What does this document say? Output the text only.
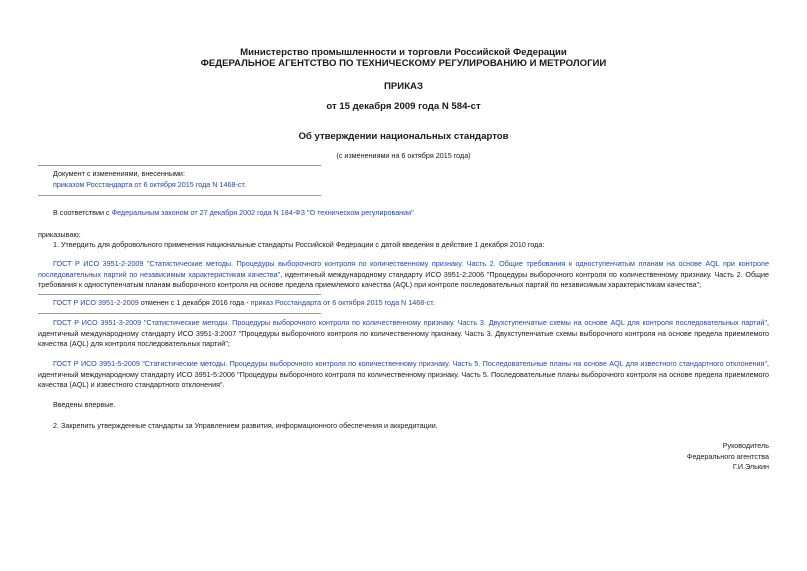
Министерство промышленности и торговли Российской Федерации
ФЕДЕРАЛЬНОЕ АГЕНТСТВО ПО ТЕХНИЧЕСКОМУ РЕГУЛИРОВАНИЮ И МЕТРОЛОГИИ
ПРИКАЗ
от 15 декабря 2009 года N 584-ст
Об утверждении национальных стандартов
(с изменениями на 6 октября 2015 года)
Документ с изменениями, внесенными:
приказом Росстандарта от 6 октября 2015 года N 1468-ст.
В соответствии с Федеральным законом от 27 декабря 2002 года N 184-ФЗ "О техническом регулировании"
приказываю:
1. Утвердить для добровольного применения национальные стандарты Российской Федерации с датой введения в действие 1 декабря 2010 года:
ГОСТ Р ИСО 3951-2-2009 "Статистические методы. Процедуры выборочного контроля по количественному признаку. Часть 2. Общие требования к одноступенчатым планам на основе AQL при контроле последовательных партий по независимым характеристикам качества", идентичный международному стандарту ИСО 3951-2:2006 "Процедуры выборочного контроля по количественному признаку. Часть 2. Общие требования к одноступенчатым планам выборочного контроля на основе предела приемлемого качества (AQL) при контроле последовательных партий по независимым характеристикам качества";
ГОСТ Р ИСО 3951-2-2009 отменен с 1 декабря 2016 года - приказ Росстандарта от 6 октября 2015 года N 1468-ст.
ГОСТ Р ИСО 3951-3-2009 "Статистические методы. Процедуры выборочного контроля по количественному признаку. Часть 3. Двухступенчатые схемы на основе AQL для контроля последовательных партий", идентичный международному стандарту ИСО 3951-3:2007 "Процедуры выборочного контроля по количественному признаку. Часть 3. Двухступенчатые схемы выборочного контроля на основе предела приемлемого качества (AQL) для контроля последовательных партий";
ГОСТ Р ИСО 3951-5-2009 "Статистические методы. Процедуры выборочного контроля по количественному признаку. Часть 5. Последовательные планы на основе AQL для известного стандартного отклонения", идентичный международному стандарту ИСО 3951-5:2006 "Процедуры выборочного контроля по количественному признаку. Часть 5. Последовательные планы выборочного контроля на основе предела приемлемого качества (AQL) и известного стандартного отклонения".
Введены впервые.
2. Закрепить утвержденные стандарты за Управлением развития, информационного обеспечения и аккредитации.
Руководитель
Федерального агентства
Г.И.Элькин
